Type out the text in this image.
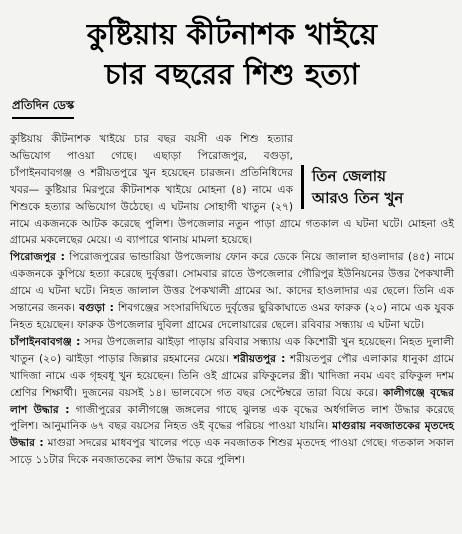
কুষ্টিয়ায় কীটনাশক খাইয়ে
চার বছরের শিশু হত্যা
প্রতিদিন ডেস্ক
তিন জেলায়
আরও তিন খুন

কুষ্টিয়ায় কীটনাশক খাইয়ে চার বছর বয়সী এক শিশু হত্যার অভিযোগ পাওয়া গেছে। এছাড়া পিরোজপুর, বগুড়া, চাঁপাইনবাবগঞ্জ ও শরীয়তপুরে খুন হয়েছেন চারজন। প্রতিনিধিদের খবর— কুষ্টিয়ার মিরপুরে কীটনাশক খাইয়ে মোহনা (৪) নামে এক শিশুকে হত্যার অভিযোগ উঠেছে। এ ঘটনায় সোহাগী খাতুন (২৭) নামে একজনকে আটক করেছে পুলিশ। উপজেলার নতুন পাড়া গ্রামে গতকাল এ ঘটনা ঘটে। মোহনা ওই গ্রামের মকলেছের মেয়ে। এ ব্যাপারে থানায় মামলা হয়েছে।

পিরোজপুর : পিরোজপুরের ভান্ডারিয়া উপজেলায় ফোন করে ডেকে নিয়ে জালাল হাওলাদার (৪৫) নামে একজনকে কুপিয়ে হত্যা করেছে দুর্বৃত্তরা। সোমবার রাতে উপজেলার গৌরিপুর ইউনিয়নের উত্তর পৈকখালী গ্রামে এ ঘটনা ঘটে। নিহত জালাল উত্তর পৈকখালী গ্রামের আ. কাদের হাওলাদার এর ছেলে। তিনি এক সন্তানের জনক। বগুড়া : শিবগঞ্জের সংসারদিঘিতে দুর্বৃত্তের ছুরিকাঘাতে ওমর ফারুক (২০) নামে এক যুবক নিহত হয়েছেন। ফারুক উপজেলার দুবিলা গ্রামের দেলোয়ারের ছেলে। রবিবার সন্ধ্যায় এ ঘটনা ঘটে।

চাঁপাইনবাবগঞ্জ : সদর উপজেলার ঝাইড়া পাড়ায় রবিবার সন্ধ্যায় এক কিশোরী খুন হয়েছেন। নিহত দুলালী খাতুন (২০) ঝাইড়া পাড়ার জিল্লার রহমানের মেয়ে। শরীয়তপুর : শরীয়তপুর পৌর এলাকার ধানুকা গ্রামে খাদিজা নামে এক গৃহবধূ খুন হয়েছেন। তিনি ওই গ্রামের রফিকুলের স্ত্রী। খাদিজা নবম এবং রফিকুল দশম শ্রেণির শিক্ষার্থী। দুজনের বয়সই ১৪। ভালবেসে গত বছর সেপ্টেম্বরে তারা বিয়ে করে। কালীগঞ্জে বৃদ্ধের লাশ উদ্ধার : গাজীপুরের কালীগঞ্জে জঙ্গলের গাছে ঝুলন্ত এক বৃদ্ধের অর্ধগলিত লাশ উদ্ধার করেছে পুলিশ। আনুমানিক ৬৭ বছর বয়সের নিহত ওই বৃদ্ধের পরিচয় পাওয়া যায়নি। মাগুরায় নবজাতকের মৃতদেহ উদ্ধার : মাগুরা সদরের মাধবপুর খালের পড়ে এক নবজাতক শিশুর মৃতদেহ পাওয়া গেছে। গতকাল সকাল সাড়ে ১১টার দিকে নবজাতকের লাশ উদ্ধার করে পুলিশ।
